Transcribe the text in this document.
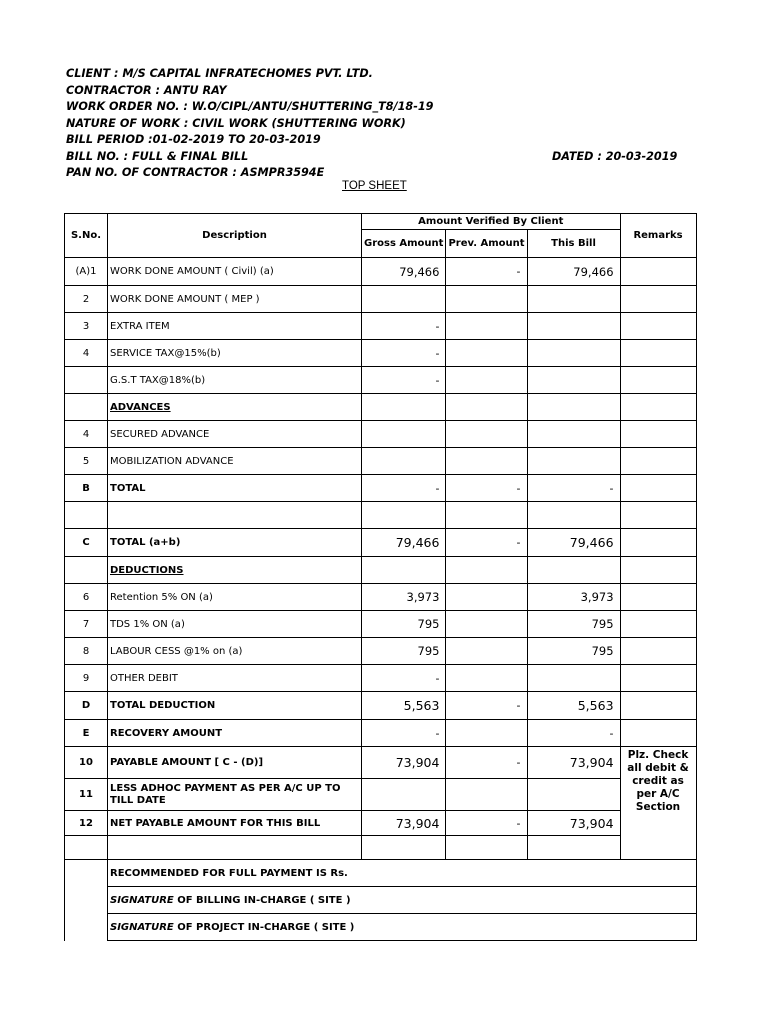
CLIENT : M/S CAPITAL INFRATECHOMES PVT. LTD.
CONTRACTOR : ANTU RAY
WORK ORDER NO. : W.O/CIPL/ANTU/SHUTTERING_T8/18-19
NATURE OF WORK : CIVIL WORK (SHUTTERING WORK)
BILL PERIOD :01-02-2019 TO 20-03-2019
BILL NO. : FULL & FINAL BILL	DATED : 20-03-2019
PAN NO. OF CONTRACTOR : ASMPR3594E
TOP SHEET
S.No.	Description	Amount Verified By Client			Remarks
		Gross Amount	Prev. Amount	This Bill	
(A)1	WORK DONE AMOUNT ( Civil) (a)	79,466	-	79,466	
2	WORK DONE AMOUNT ( MEP )				
3	EXTRA ITEM	-			
4	SERVICE TAX@15%(b)	-			
	G.S.T TAX@18%(b)	-			
	ADVANCES				
4	SECURED ADVANCE				
5	MOBILIZATION ADVANCE				
B	TOTAL	-	-	-	

C	TOTAL (a+b)	79,466	-	79,466	
	DEDUCTIONS				
6	Retention 5% ON (a)	3,973		3,973	
7	TDS 1% ON (a)	795		795	
8	LABOUR CESS @1% on (a)	795		795	
9	OTHER DEBIT	-			
D	TOTAL DEDUCTION	5,563	-	5,563	
E	RECOVERY AMOUNT	-		-	
10	PAYABLE AMOUNT [ C - (D)]	73,904	-	73,904	Plz. Check all debit & credit as per A/C Section
11	LESS ADHOC PAYMENT AS PER A/C UP TO TILL DATE				
12	NET PAYABLE AMOUNT FOR THIS BILL	73,904	-	73,904	

	RECOMMENDED FOR FULL PAYMENT IS Rs.				
	SIGNATURE OF BILLING IN-CHARGE ( SITE )				
	SIGNATURE OF PROJECT IN-CHARGE ( SITE )				
